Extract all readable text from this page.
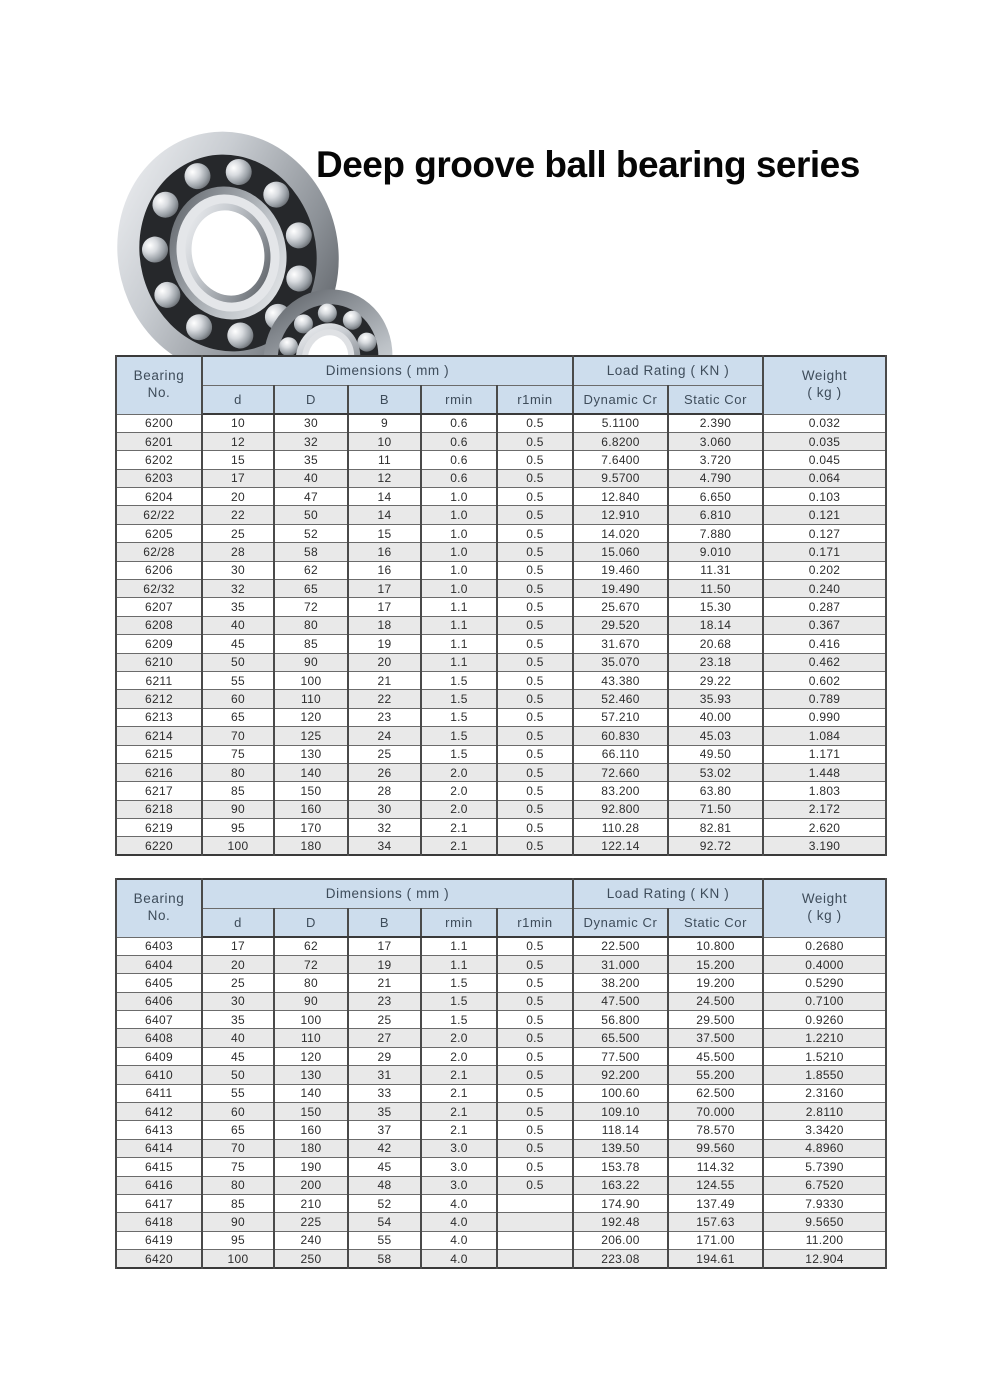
Deep groove ball bearing series
Bearing
No.	Dimensions ( mm )					Load Rating ( KN )		Weight
( kg )

	d	D	B	rmin	r1min	Dynamic Cr	Static Cor	
6200	10	30	9	0.6	0.5	5.1100	2.390	0.032
6201	12	32	10	0.6	0.5	6.8200	3.060	0.035
6202	15	35	11	0.6	0.5	7.6400	3.720	0.045
6203	17	40	12	0.6	0.5	9.5700	4.790	0.064
6204	20	47	14	1.0	0.5	12.840	6.650	0.103
62/22	22	50	14	1.0	0.5	12.910	6.810	0.121
6205	25	52	15	1.0	0.5	14.020	7.880	0.127
62/28	28	58	16	1.0	0.5	15.060	9.010	0.171
6206	30	62	16	1.0	0.5	19.460	11.31	0.202
62/32	32	65	17	1.0	0.5	19.490	11.50	0.240
6207	35	72	17	1.1	0.5	25.670	15.30	0.287
6208	40	80	18	1.1	0.5	29.520	18.14	0.367
6209	45	85	19	1.1	0.5	31.670	20.68	0.416
6210	50	90	20	1.1	0.5	35.070	23.18	0.462
6211	55	100	21	1.5	0.5	43.380	29.22	0.602
6212	60	110	22	1.5	0.5	52.460	35.93	0.789
6213	65	120	23	1.5	0.5	57.210	40.00	0.990
6214	70	125	24	1.5	0.5	60.830	45.03	1.084
6215	75	130	25	1.5	0.5	66.110	49.50	1.171
6216	80	140	26	2.0	0.5	72.660	53.02	1.448
6217	85	150	28	2.0	0.5	83.200	63.80	1.803
6218	90	160	30	2.0	0.5	92.800	71.50	2.172
6219	95	170	32	2.1	0.5	110.28	82.81	2.620
6220	100	180	34	2.1	0.5	122.14	92.72	3.190
Bearing
No.	Dimensions ( mm )					Load Rating ( KN )		Weight
( kg )

	d	D	B	rmin	r1min	Dynamic Cr	Static Cor	
6403	17	62	17	1.1	0.5	22.500	10.800	0.2680
6404	20	72	19	1.1	0.5	31.000	15.200	0.4000
6405	25	80	21	1.5	0.5	38.200	19.200	0.5290
6406	30	90	23	1.5	0.5	47.500	24.500	0.7100
6407	35	100	25	1.5	0.5	56.800	29.500	0.9260
6408	40	110	27	2.0	0.5	65.500	37.500	1.2210
6409	45	120	29	2.0	0.5	77.500	45.500	1.5210
6410	50	130	31	2.1	0.5	92.200	55.200	1.8550
6411	55	140	33	2.1	0.5	100.60	62.500	2.3160
6412	60	150	35	2.1	0.5	109.10	70.000	2.8110
6413	65	160	37	2.1	0.5	118.14	78.570	3.3420
6414	70	180	42	3.0	0.5	139.50	99.560	4.8960
6415	75	190	45	3.0	0.5	153.78	114.32	5.7390
6416	80	200	48	3.0	0.5	163.22	124.55	6.7520
6417	85	210	52	4.0		174.90	137.49	7.9330
6418	90	225	54	4.0		192.48	157.63	9.5650
6419	95	240	55	4.0		206.00	171.00	11.200
6420	100	250	58	4.0		223.08	194.61	12.904
